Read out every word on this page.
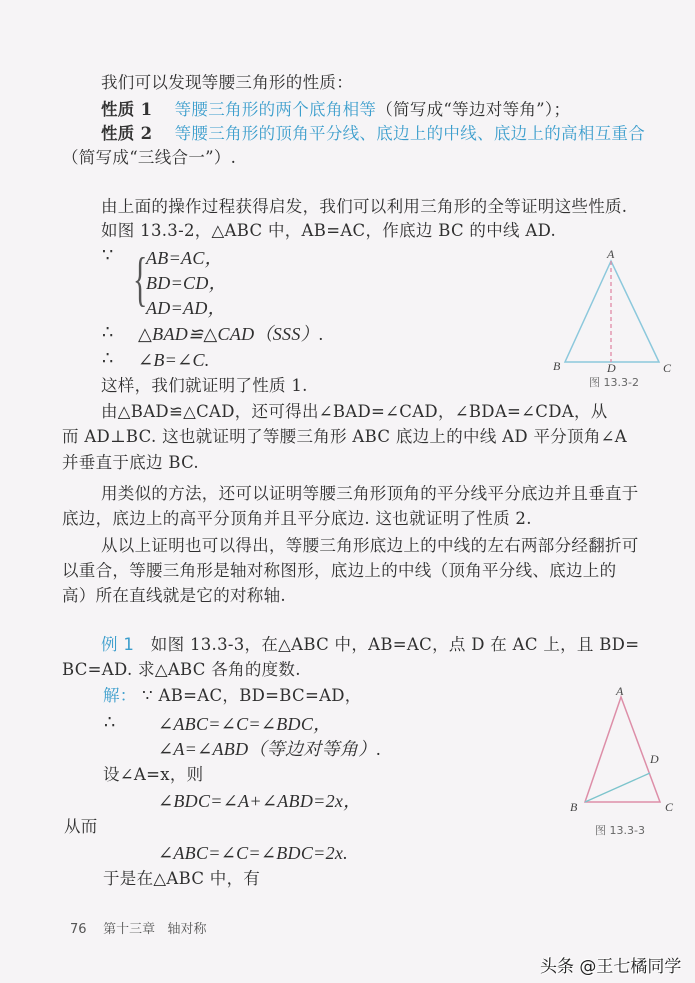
我们可以发现等腰三角形的性质：
性质 1 等腰三角形的两个底角相等（简写成“等边对等角”）；
性质 2 等腰三角形的顶角平分线、底边上的中线、底边上的高相互重合
（简写成“三线合一”）.
由上面的操作过程获得启发，我们可以利用三角形的全等证明这些性质.
如图 13.3-2，△ABC 中，AB=AC，作底边 BC 的中线 AD.
∵ {
AB=AC，
BD=CD，
AD=AD，
∴ △BAD≌△CAD（SSS）.
∴ ∠B=∠C.
这样，我们就证明了性质 1.
A
B	D	C
图 13.3-2
由△BAD≌△CAD，还可得出∠BAD=∠CAD，∠BDA=∠CDA，从
而 AD⊥BC. 这也就证明了等腰三角形 ABC 底边上的中线 AD 平分顶角∠A
并垂直于底边 BC.
用类似的方法，还可以证明等腰三角形顶角的平分线平分底边并且垂直于
底边，底边上的高平分顶角并且平分底边. 这也就证明了性质 2.
从以上证明也可以得出，等腰三角形底边上的中线的左右两部分经翻折可
以重合，等腰三角形是轴对称图形，底边上的中线（顶角平分线、底边上的
高）所在直线就是它的对称轴.
例 1 如图 13.3-3，在△ABC 中，AB=AC，点 D 在 AC 上，且 BD=
BC=AD. 求△ABC 各角的度数.
解： ∵ AB=AC，BD=BC=AD，
∴ ∠ABC=∠C=∠BDC，
∠A=∠ABD（等边对等角）.
设∠A=x，则
∠BDC=∠A+∠ABD=2x，
从而
∠ABC=∠C=∠BDC=2x.
于是在△ABC 中，有
A
D
B	C
图 13.3-3
76 第十三章 轴对称
头条 @王七橘同学
